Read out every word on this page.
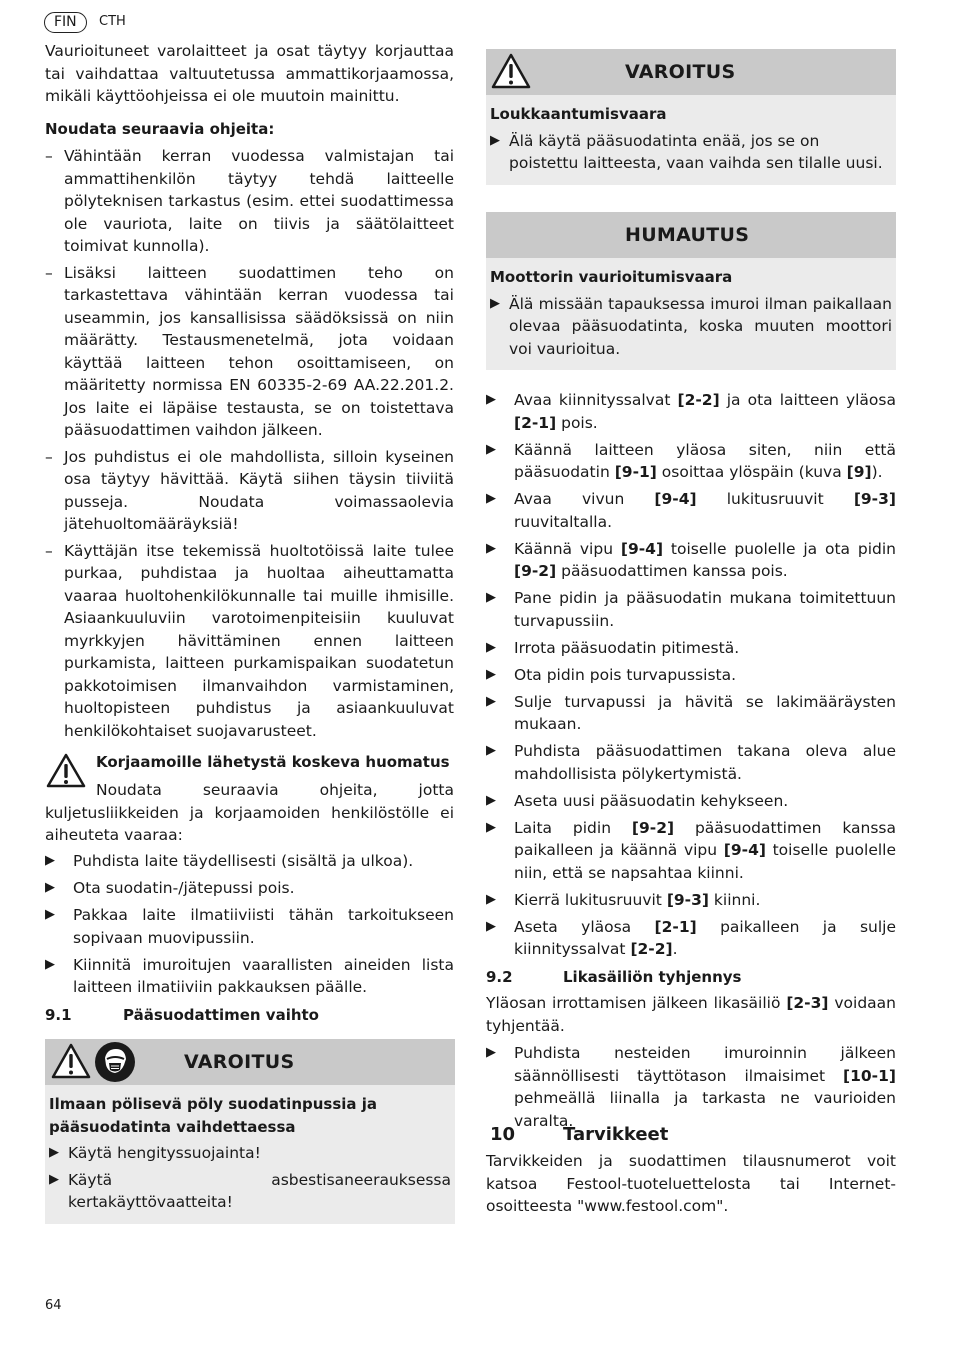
FIN	CTH
Vaurioituneet varolaitteet ja osat täytyy korjauttaa tai vaihdattaa valtuutetussa ammattikorjaamossa, mikäli käyttöohjeissa ei ole muutoin mainittu.
Noudata seuraavia ohjeita:
– Vähintään kerran vuodessa valmistajan tai ammattihenkilön täytyy tehdä laitteelle pölyteknisen tarkastus (esim. ettei suodattimessa ole vauriota, laite on tiivis ja säätölaitteet toimivat kunnolla).
– Lisäksi laitteen suodattimen teho on tarkastettava vähintään kerran vuodessa tai useammin, jos kansallisissa säädöksissä on niin määrätty. Testausmenetelmä, jota voidaan käyttää laitteen tehon osoittamiseen, on määritetty normissa EN 60335-2-69 AA.22.201.2. Jos laite ei läpäise testausta, se on toistettava pääsuodattimen vaihdon jälkeen.
– Jos puhdistus ei ole mahdollista, silloin kyseinen osa täytyy hävittää. Käytä siihen täysin tiiviitä pusseja. Noudata voimassaolevia jätehuoltomääräyksiä!
– Käyttäjän itse tekemissä huoltotöissä laite tulee purkaa, puhdistaa ja huoltaa aiheuttamatta vaaraa huoltohenkilökunnalle tai muille ihmisille. Asiaankuuluviin varotoimenpiteisiin kuuluvat myrkkyjen hävittäminen ennen laitteen purkamista, laitteen purkamispaikan suodatetun pakkotoimisen ilmanvaihdon varmistaminen, huoltopisteen puhdistus ja asiaankuuluvat henkilökohtaiset suojavarusteet.
Korjaamoille lähetystä koskeva huomatus
Noudata seuraavia ohjeita, jotta kuljetusliikkeiden ja korjaamoiden henkilöstölle ei aiheuteta vaaraa:
▶ Puhdista laite täydellisesti (sisältä ja ulkoa).
▶ Ota suodatin-/jätepussi pois.
▶ Pakkaa laite ilmatiiviisti tähän tarkoitukseen sopivaan muovipussiin.
▶ Kiinnitä imuroitujen vaarallisten aineiden lista laitteen ilmatiiviin pakkauksen päälle.
9.1	Pääsuodattimen vaihto
VAROITUS
Ilmaan pölisevä pöly suodatinpussia ja pääsuodatinta vaihdettaessa
▶ Käytä hengityssuojainta!
▶ Käytä asbestisaneerauksessa kertakäyttövaatteita!
VAROITUS
Loukkaantumisvaara
▶ Älä käytä pääsuodatinta enää, jos se on poistettu laitteesta, vaan vaihda sen tilalle uusi.
HUMAUTUS
Moottorin vaurioitumisvaara
▶ Älä missään tapauksessa imuroi ilman paikallaan olevaa pääsuodatinta, koska muuten moottori voi vaurioitua.
▶ Avaa kiinnityssalvat [2-2] ja ota laitteen yläosa [2-1] pois.
▶ Käännä laitteen yläosa siten, niin että pääsuodatin [9-1] osoittaa ylöspäin (kuva [9]).
▶ Avaa vivun [9-4] lukitusruuvit [9-3] ruuvitaltalla.
▶ Käännä vipu [9-4] toiselle puolelle ja ota pidin [9-2] pääsuodattimen kanssa pois.
▶ Pane pidin ja pääsuodatin mukana toimitettuun turvapussiin.
▶ Irrota pääsuodatin pitimestä.
▶ Ota pidin pois turvapussista.
▶ Sulje turvapussi ja hävitä se lakimääräysten mukaan.
▶ Puhdista pääsuodattimen takana oleva alue mahdollisista pölykertymistä.
▶ Aseta uusi pääsuodatin kehykseen.
▶ Laita pidin [9-2] pääsuodattimen kanssa paikalleen ja käännä vipu [9-4] toiselle puolelle niin, että se napsahtaa kiinni.
▶ Kierrä lukitusruuvit [9-3] kiinni.
▶ Aseta yläosa [2-1] paikalleen ja sulje kiinnityssalvat [2-2].
9.2	Likasäiliön tyhjennys
Yläosan irrottamisen jälkeen likasäiliö [2-3] voidaan tyhjentää.
▶ Puhdista nesteiden imuroinnin jälkeen säännöllisesti täyttötason ilmaisimet [10-1] pehmeällä liinalla ja tarkasta ne vaurioiden varalta.
10	Tarvikkeet
Tarvikkeiden ja suodattimen tilausnumerot voit katsoa Festool-tuoteluettelosta tai Internet-osoitteesta "www.festool.com".
64
